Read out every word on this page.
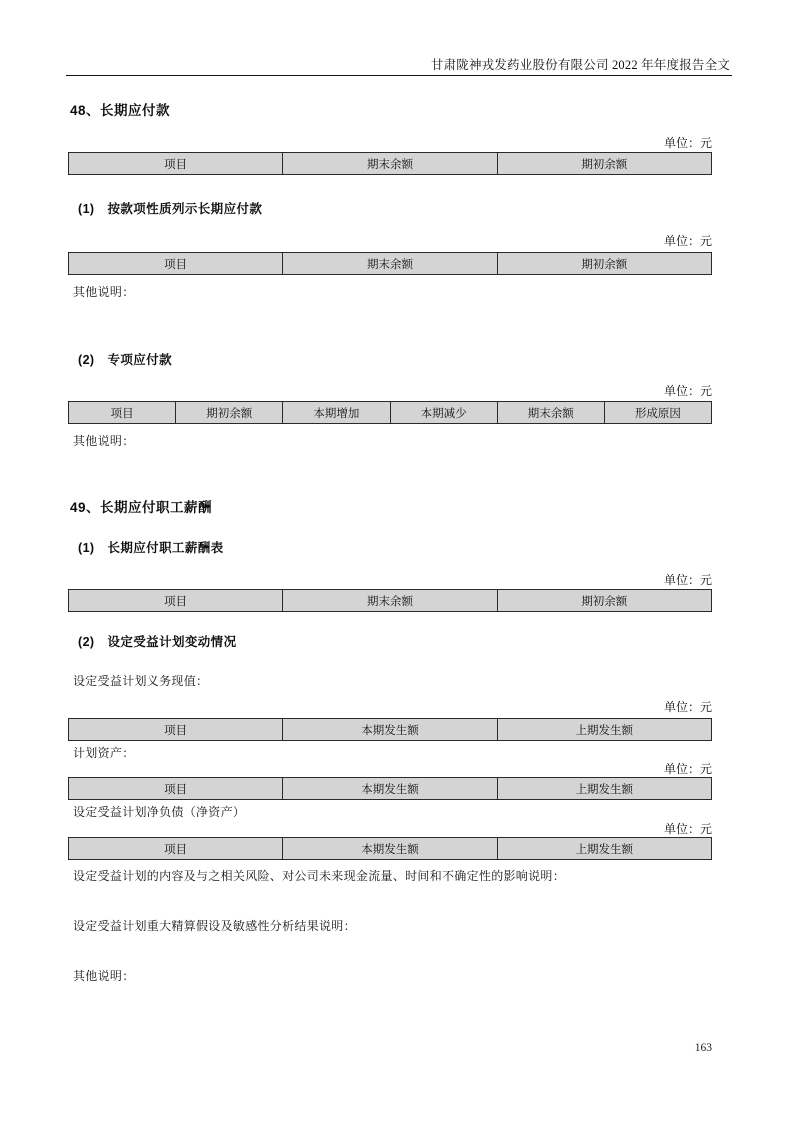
甘肃陇神戎发药业股份有限公司 2022 年年度报告全文
48、长期应付款
单位：元
项目	期末余额	期初余额
(1) 按款项性质列示长期应付款
单位：元
项目	期末余额	期初余额
其他说明：
(2) 专项应付款
单位：元
项目	期初余额	本期增加	本期减少	期末余额	形成原因
其他说明：
49、长期应付职工薪酬
(1) 长期应付职工薪酬表
单位：元
项目	期末余额	期初余额
(2) 设定受益计划变动情况
设定受益计划义务现值：
单位：元
项目	本期发生额	上期发生额
计划资产：
单位：元
项目	本期发生额	上期发生额
设定受益计划净负债（净资产）
单位：元
项目	本期发生额	上期发生额
设定受益计划的内容及与之相关风险、对公司未来现金流量、时间和不确定性的影响说明：
设定受益计划重大精算假设及敏感性分析结果说明：
其他说明：
163
